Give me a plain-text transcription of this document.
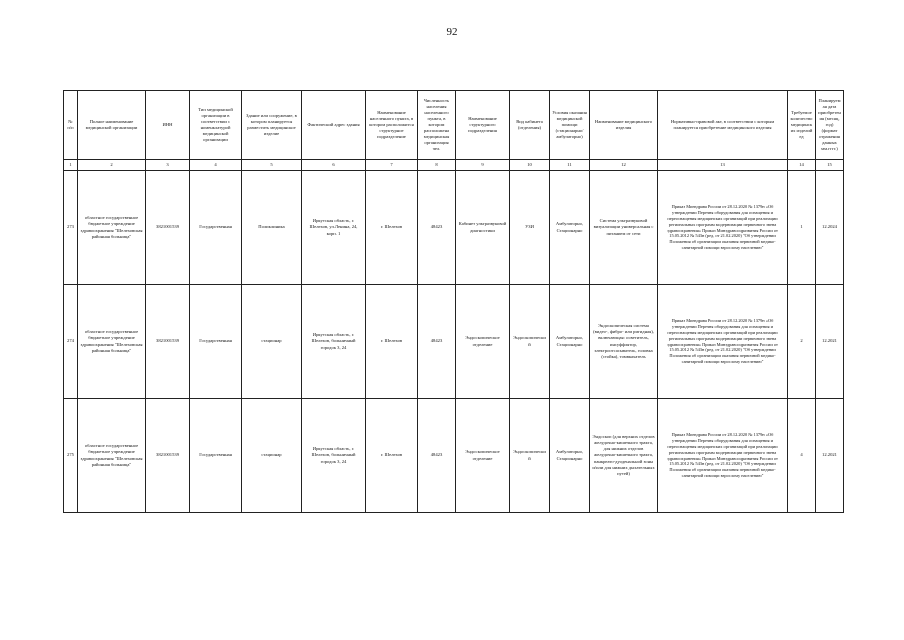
92
№ п/п	Полное наименование медицинской организации	ИНН	Тип медицинской организации в соответствии с номенклатурой медицинской организации	Здание или сооружение, в котором планируется разместить медицинское изделие	Фактический адрес здания	Наименование населенного пункта, в котором расположится структурное подразделение	Численность населения населенного пункта, в котором расположена медицинская организация чел.	Наименование структурного подразделения	Вид кабинета (отделения)	Условия оказания медицинской помощи (стационарно/амбулаторно)	Наименование медицинского изделия	Нормативно-правовой акт, в соответствии с которым планируется приобретение медицинского изделия	Требуемое количество медицинских изделий ед	Планируемая дата приобретения (месяц, год) (формат отражения данных мм.гггг.)
1	2	3	4	5	6	7	8	9	10	11	12	13	14	15
273	областное государственное бюджетное учреждение здравоохранения "Шелеховская районная больница"	3821001539	Государственная	Поликлиника	Иркутская область, г. Шелехов, ул.Ленина, 24, корп. 1	г. Шелехов	48423	Кабинет ультразвуковой диагностики	УЗИ	Амбулаторно, Стационарно	Система ультразвуковой визуализации универсальная с питанием от сети	Приказ Минздрава России от 28.12.2020 № 1379н «Об утверждении Перечня оборудования для оснащения и переоснащения медицинских организаций при реализации региональных программ модернизации первичного звена здравоохранения» Приказ Минздравсоцразвития России от 15.05.2012 № 543н (ред. от 21.02.2020) "Об утверждении Положения об организации оказания первичной медико-санитарной помощи взрослому населению"	1	12.2024
274	областное государственное бюджетное учреждение здравоохранения "Шелеховская районная больница"	3821001539	Государственная	стационар	Иркутская область, г. Шелехов, больничный городок 3, 24	г. Шелехов	48423	Эндоскопическое отделение	Эндоскопический	Амбулаторно, Стационарно	Эндоскопическая система (видео-, фибро- или ригидная), включающая: осветитель, инсуффлятор, электроотсасыватель, головка (стойка), томвкахатель	Приказ Минздрава России от 28.12.2020 № 1379н «Об утверждении Перечня оборудования для оснащения и переоснащения медицинских организаций при реализации региональных программ модернизации первичного звена здравоохранения» Приказ Минздравсоцразвития России от 15.05.2012 № 543н (ред. от 21.02.2020) "Об утверждении Положения об организации оказания первичной медико-санитарной помощи взрослому населению"	2	12.2021
275	областное государственное бюджетное учреждение здравоохранения "Шелеховская районная больница"	3821001539	Государственная	стационар	Иркутская область, г. Шелехов, больничный городок 3, 24	г. Шелехов	48423	Эндоскопическое отделение	Эндоскопический	Амбулаторно, Стационарно	Эндоскоп (для верхних отделов желудочно-кишечного тракта, для нижних отделов желудочно-кишечного тракта, панкреато-дуоденальной зоны и/или для нижних дыхательных путей)	Приказ Минздрава России от 28.12.2020 № 1379н «Об утверждении Перечня оборудования для оснащения и переоснащения медицинских организаций при реализации региональных программ модернизации первичного звена здравоохранения» Приказ Минздравсоцразвития России от 15.05.2012 № 543н (ред. от 21.02.2020) "Об утверждении Положения об организации оказания первичной медико-санитарной помощи взрослому населению"	4	12.2021
